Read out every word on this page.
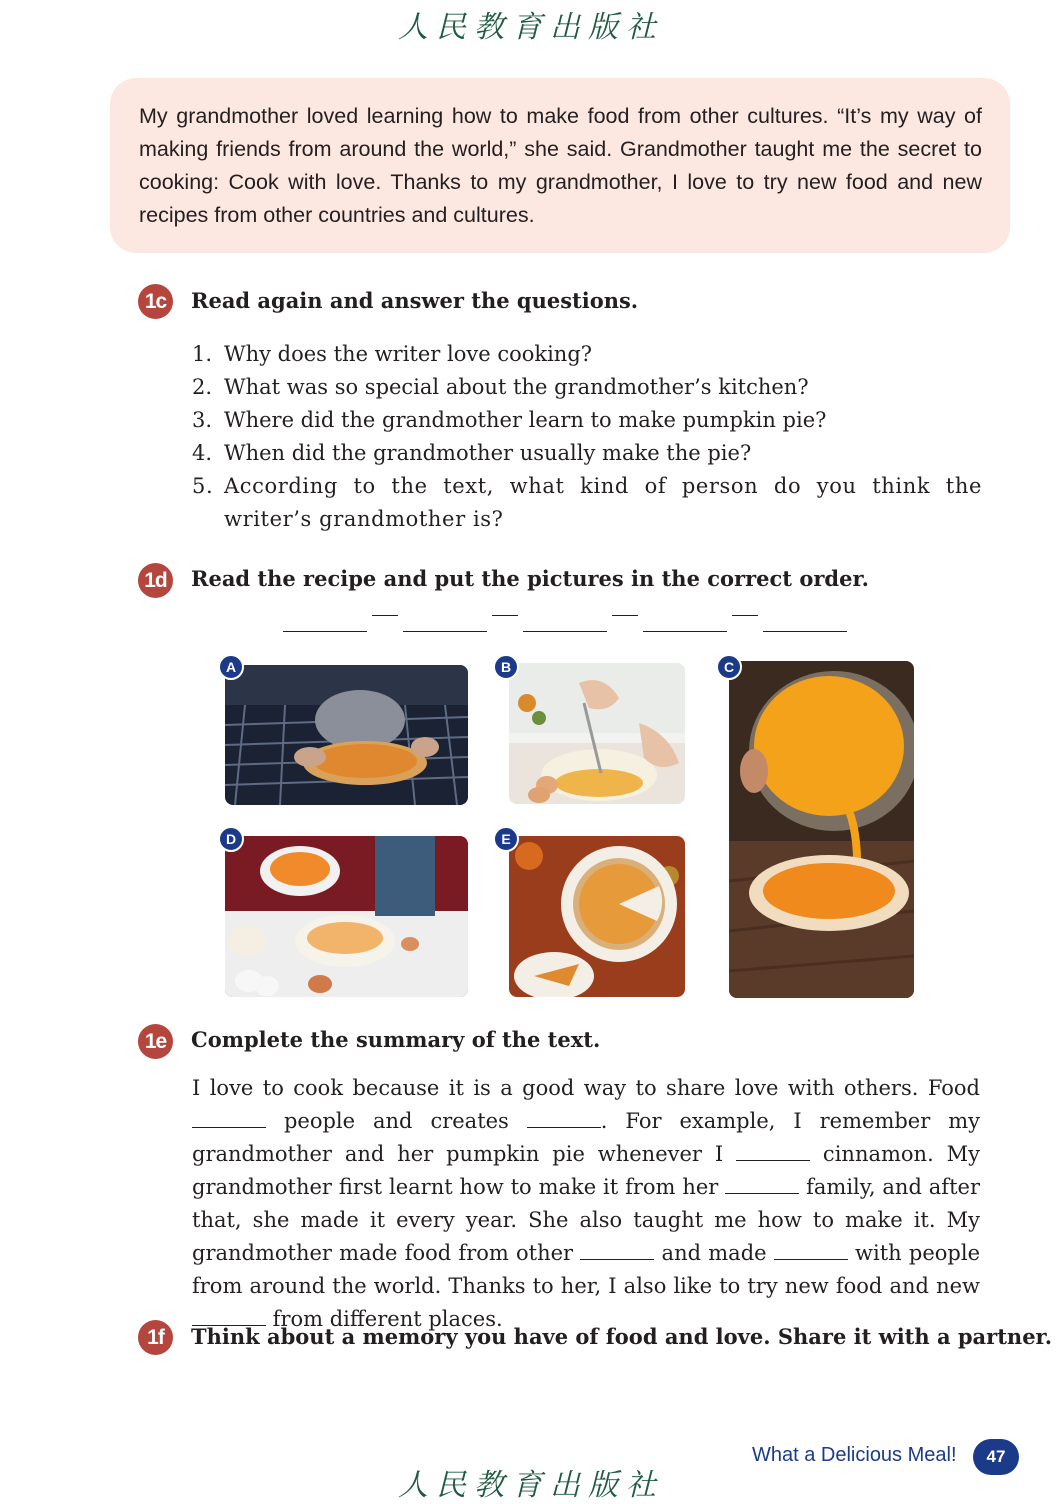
人民教育出版社
My grandmother loved learning how to make food from other cultures. “It’s my way of making friends from around the world,” she said. Grandmother taught me the secret to cooking: Cook with love. Thanks to my grandmother, I love to try new food and new recipes from other countries and cultures.
1c	Read again and answer the questions.
1. Why does the writer love cooking?
2. What was so special about the grandmother’s kitchen?
3. Where did the grandmother learn to make pumpkin pie?
4. When did the grandmother usually make the pie?
5. According to the text, what kind of person do you think the writer’s grandmother is?
1d Read the recipe and put the pictures in the correct order.
A	B	C
D	E
1e	Complete the summary of the text.
I love to cook because it is a good way to share love with others. Food  people and creates	. For example, I remember my grandmother and her pumpkin pie whenever I	cinnamon. My grandmother first learnt how to make it from her	family, and after that, she made it every year. She also taught me how to make it. My grandmother made food from other	and made	with people from around the world. Thanks to her, I also like to try new food and new  from different places.
1f	Think about a memory you have of food and love. Share it with a partner.
What a Delicious Meal!	47
人民教育出版社
